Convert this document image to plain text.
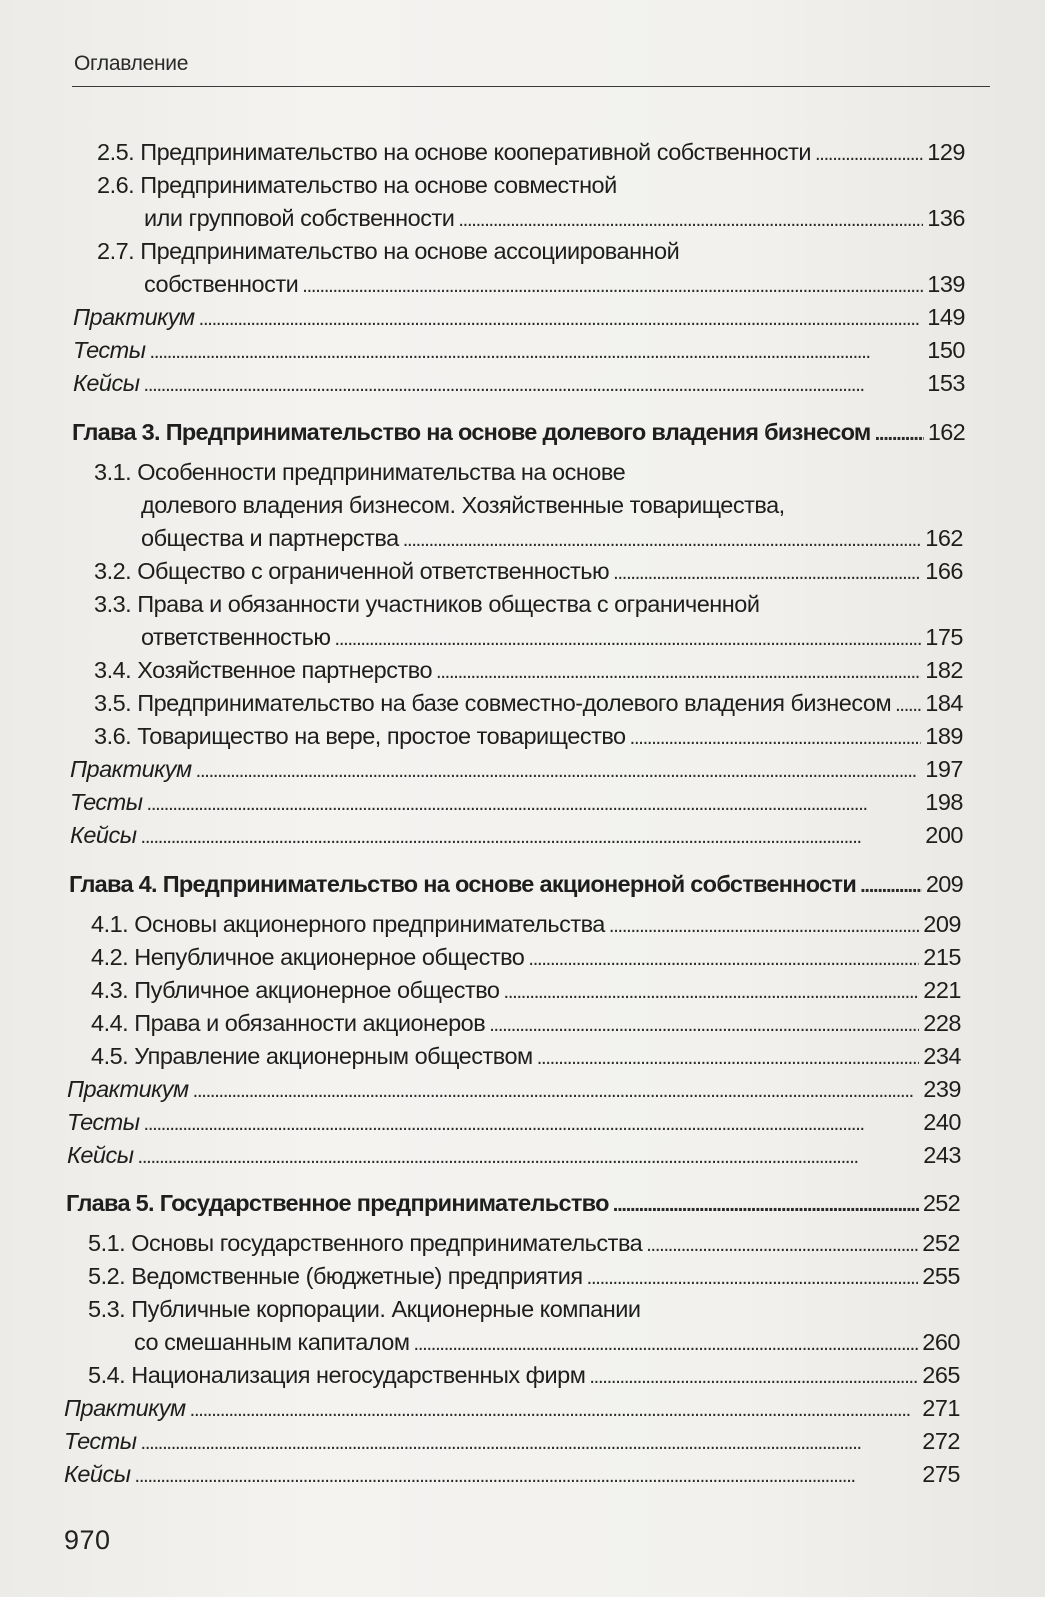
Оглавление
2.5. Предпринимательство на основе кооперативной собственности . . .	129
2.6. Предпринимательство на основе совместной
или групповой собственности . . .	136
2.7. Предпринимательство на основе ассоциированной
собственности . . .	139
Практикум . . .	149
Тесты . . .	150
Кейсы . . .	153
Глава 3. Предпринимательство на основе долевого владения бизнесом . . . 162
3.1. Особенности предпринимательства на основе
долевого владения бизнесом. Хозяйственные товарищества,
общества и партнерства . . .	162
3.2. Общество с ограниченной ответственностью . . .	166
3.3. Права и обязанности участников общества с ограниченной
ответственностью . . .	175
3.4. Хозяйственное партнерство . . .	182
3.5. Предпринимательство на базе совместно-долевого владения бизнесом . . . 184
3.6. Товарищество на вере, простое товарищество . . .	189
Практикум . . .	197
Тесты . . .	198
Кейсы . . .	200
Глава 4. Предпринимательство на основе акционерной собственности . . .	209
4.1. Основы акционерного предпринимательства . . .	209
4.2. Непубличное акционерное общество . . .	215
4.3. Публичное акционерное общество . . .	221
4.4. Права и обязанности акционеров . . .	228
4.5. Управление акционерным обществом . . .	234
Практикум . . .	239
Тесты . . .	240
Кейсы . . .	243
Глава 5. Государственное предпринимательство . . .	252
5.1. Основы государственного предпринимательства . . .	252
5.2. Ведомственные (бюджетные) предприятия . . .	255
5.3. Публичные корпорации. Акционерные компании
со смешанным капиталом . . .	260
5.4. Национализация негосударственных фирм . . .	265
Практикум . . .	271
Тесты . . .	272
Кейсы . . .	275
970
